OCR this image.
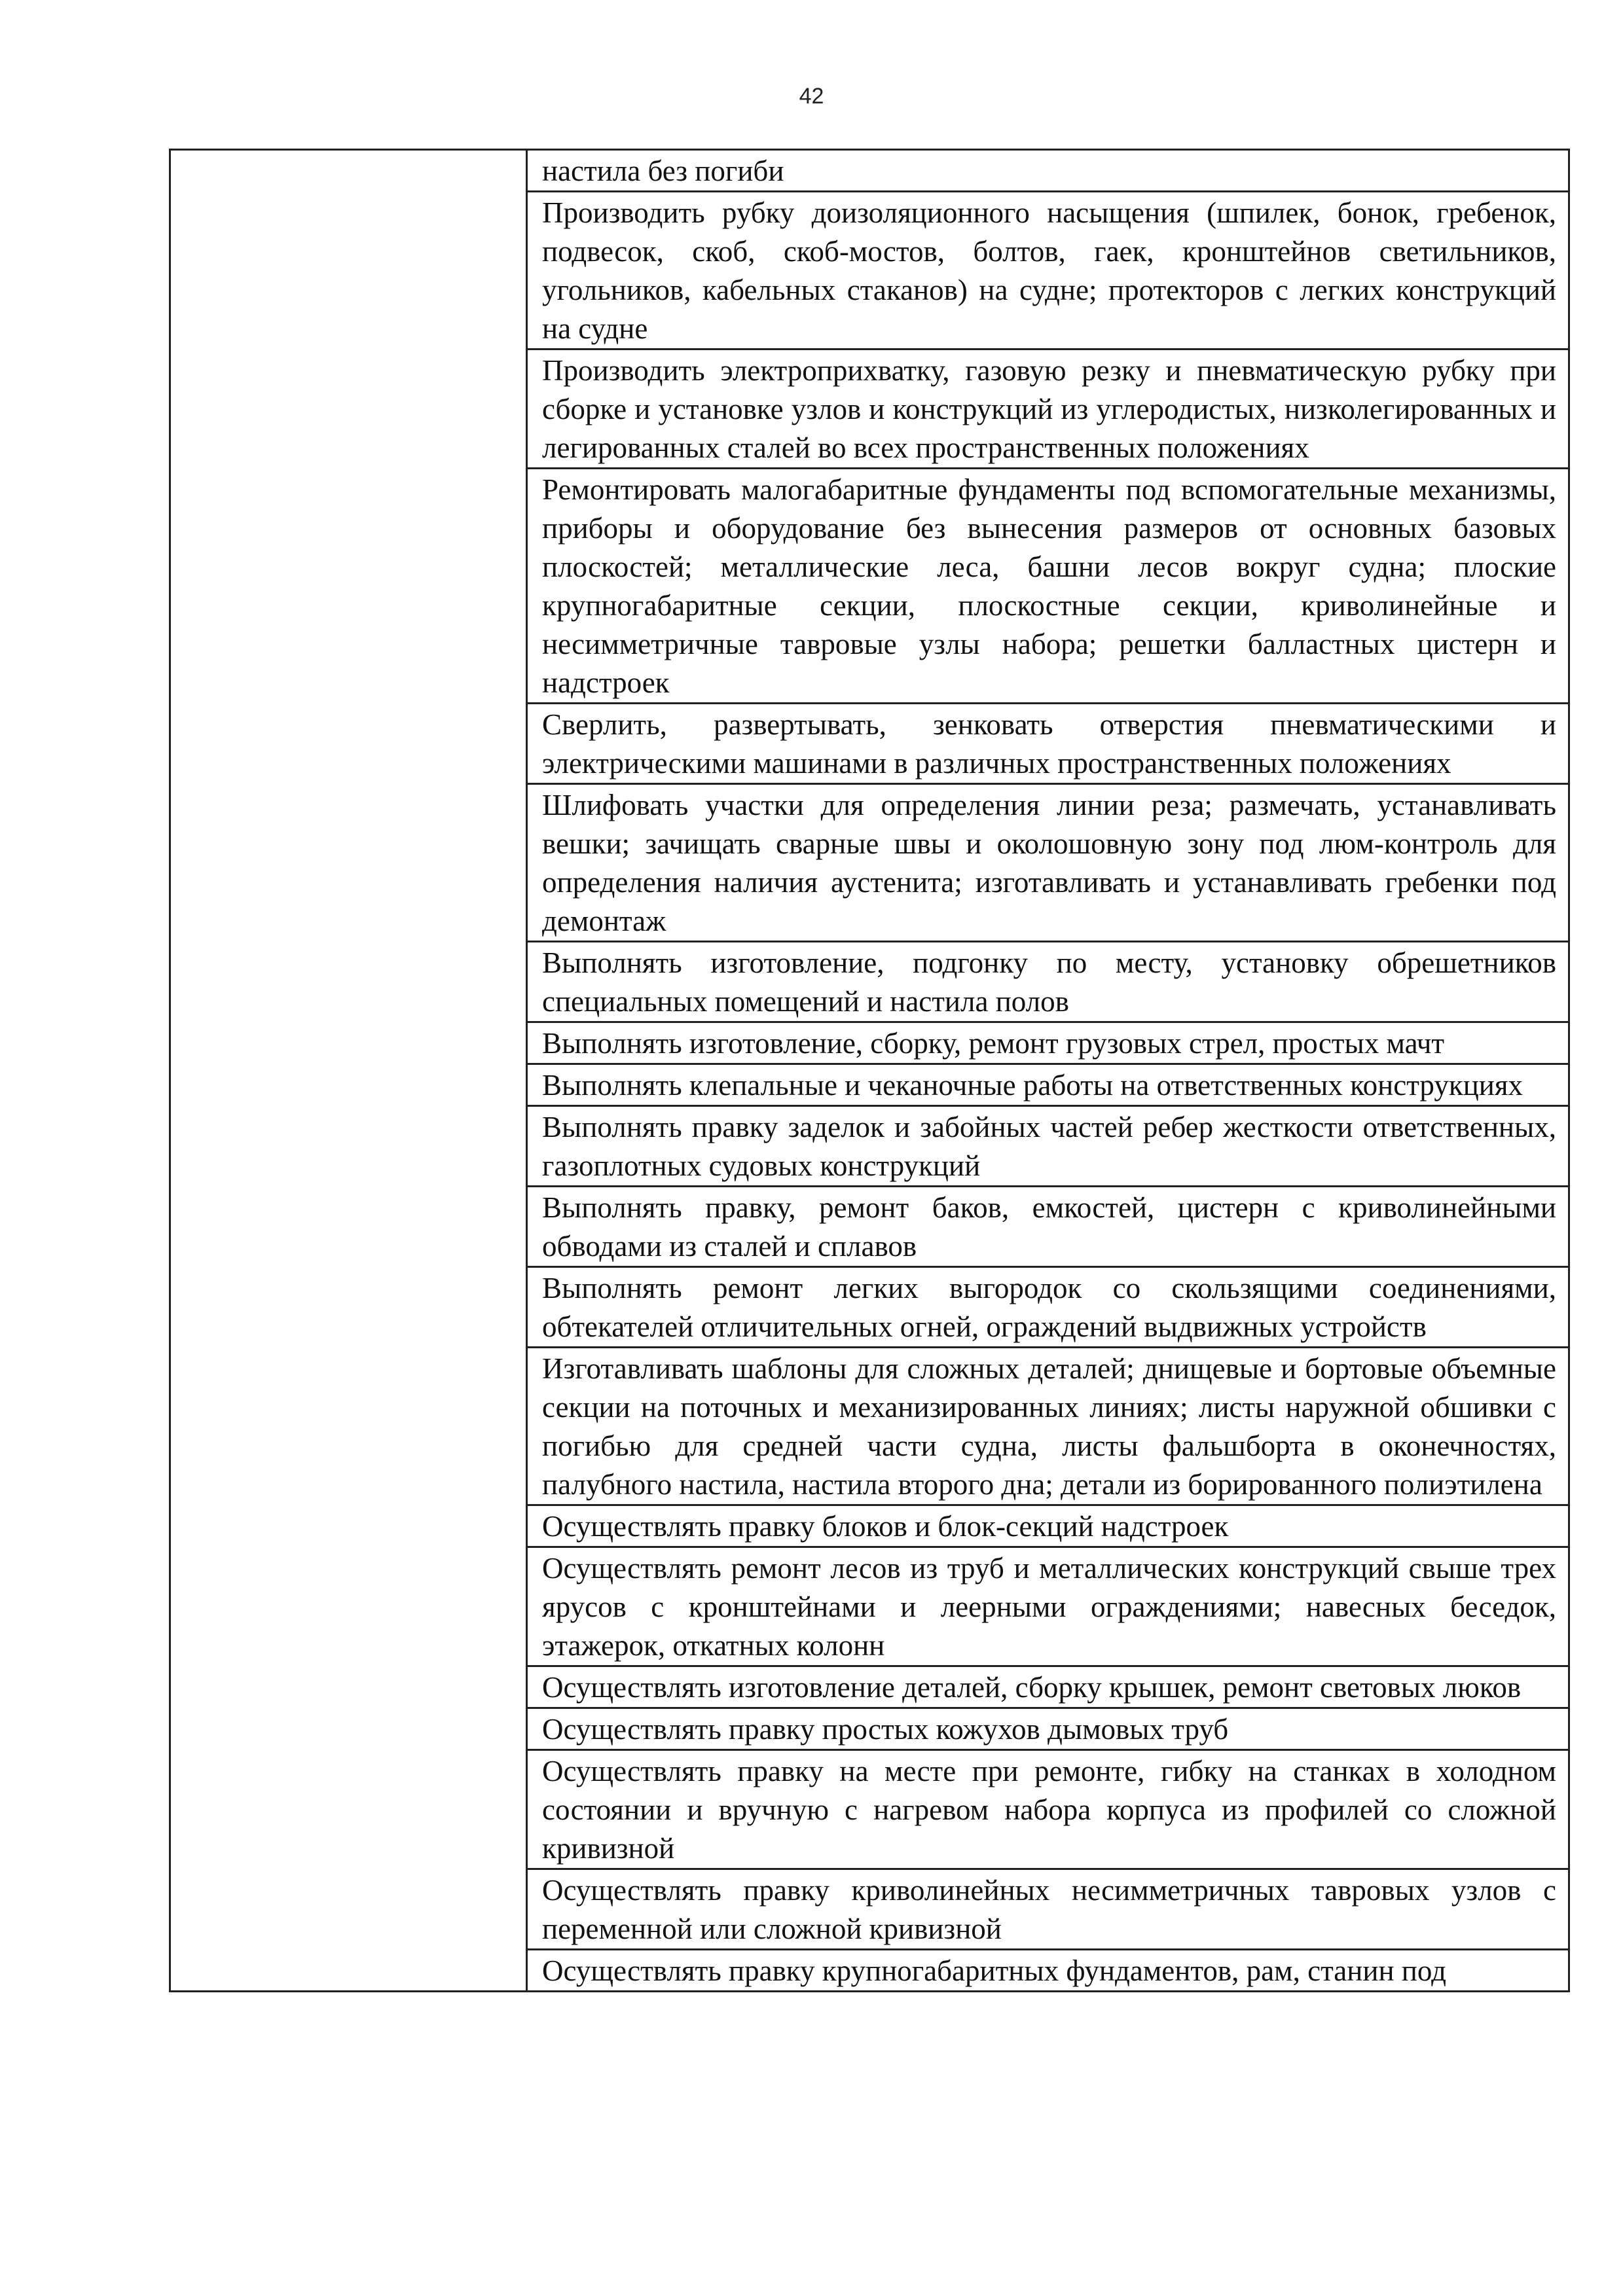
42
	настила без погиби
Производить рубку доизоляционного насыщения (шпилек, бонок, гребенок, подвесок, скоб, скоб-мостов, болтов, гаек, кронштейнов светильников, угольников, кабельных стаканов) на судне; протекторов с легких конструкций на судне
Производить электроприхватку, газовую резку и пневматическую рубку при сборке и установке узлов и конструкций из углеродистых, низколегированных и легированных сталей во всех пространственных положениях
Ремонтировать малогабаритные фундаменты под вспомогательные механизмы, приборы и оборудование без вынесения размеров от основных базовых плоскостей; металлические леса, башни лесов вокруг судна; плоские крупногабаритные секции, плоскостные секции, криволинейные и несимметричные тавровые узлы набора; решетки балластных цистерн и надстроек
Сверлить, развертывать, зенковать отверстия пневматическими и электрическими машинами в различных пространственных положениях
Шлифовать участки для определения линии реза; размечать, устанавливать вешки; зачищать сварные швы и околошовную зону под люм-контроль для определения наличия аустенита; изготавливать и устанавливать гребенки под демонтаж
Выполнять изготовление, подгонку по месту, установку обрешетников специальных помещений и настила полов
Выполнять изготовление, сборку, ремонт грузовых стрел, простых мачт
Выполнять клепальные и чеканочные работы на ответственных конструкциях
Выполнять правку заделок и забойных частей ребер жесткости ответственных, газоплотных судовых конструкций
Выполнять правку, ремонт баков, емкостей, цистерн с криволинейными обводами из сталей и сплавов
Выполнять ремонт легких выгородок со скользящими соединениями, обтекателей отличительных огней, ограждений выдвижных устройств
Изготавливать шаблоны для сложных деталей; днищевые и бортовые объемные секции на поточных и механизированных линиях; листы наружной обшивки с погибью для средней части судна, листы фальшборта в оконечностях, палубного настила, настила второго дна; детали из борированного полиэтилена
Осуществлять правку блоков и блок-секций надстроек
Осуществлять ремонт лесов из труб и металлических конструкций свыше трех ярусов с кронштейнами и леерными ограждениями; навесных беседок, этажерок, откатных колонн
Осуществлять изготовление деталей, сборку крышек, ремонт световых люков
Осуществлять правку простых кожухов дымовых труб
Осуществлять правку на месте при ремонте, гибку на станках в холодном состоянии и вручную с нагревом набора корпуса из профилей со сложной кривизной
Осуществлять правку криволинейных несимметричных тавровых узлов с переменной или сложной кривизной
Осуществлять правку крупногабаритных фундаментов, рам, станин под
